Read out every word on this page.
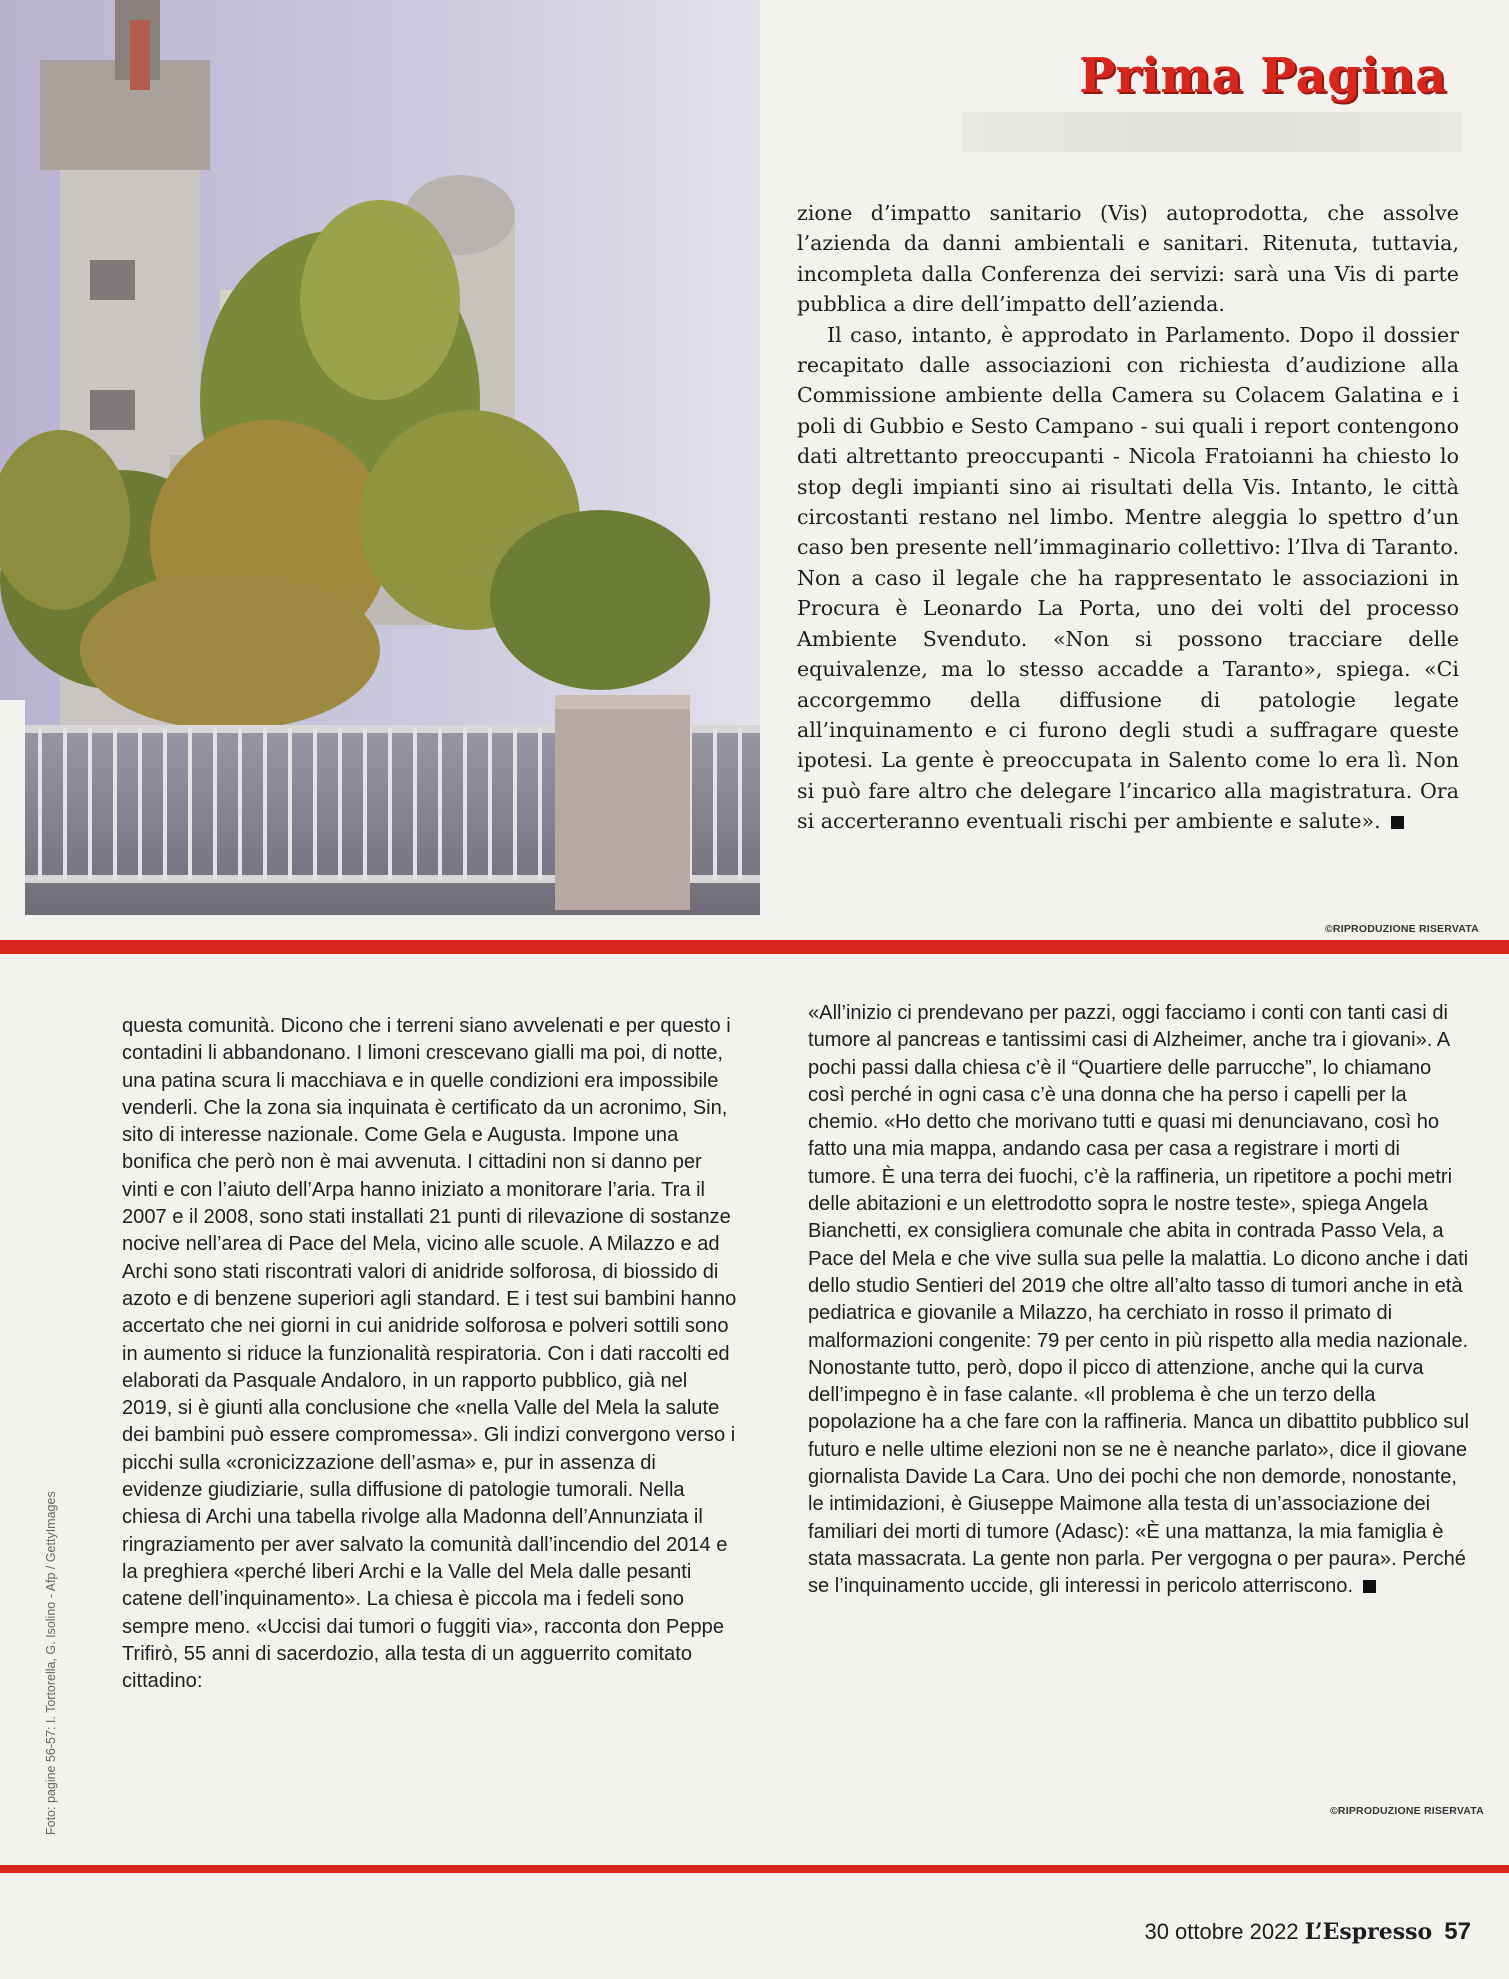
Prima Pagina

zione d’impatto sanitario (Vis) autoprodotta, che assolve l’azienda da danni ambientali e sanitari. Ritenuta, tuttavia, incompleta dalla Conferenza dei servizi: sarà una Vis di parte pubblica a dire dell’impatto dell’azienda.

Il caso, intanto, è approdato in Parlamento. Dopo il dossier recapitato dalle associazioni con richiesta d’audizione alla Commissione ambiente della Camera su Colacem Galatina e i poli di Gubbio e Sesto Campano - sui quali i report contengono dati altrettanto preoccupanti - Nicola Fratoianni ha chiesto lo stop degli impianti sino ai risultati della Vis. Intanto, le città circostanti restano nel limbo. Mentre aleggia lo spettro d’un caso ben presente nell’immaginario collettivo: l’Ilva di Taranto. Non a caso il legale che ha rappresentato le associazioni in Procura è Leonardo La Porta, uno dei volti del processo Ambiente Svenduto. «Non si possono tracciare delle equivalenze, ma lo stesso accadde a Taranto», spiega. «Ci accorgemmo della diffusione di patologie legate all’inquinamento e ci furono degli studi a suffragare queste ipotesi. La gente è preoccupata in Salento come lo era lì. Non si può fare altro che delegare l’incarico alla magistratura. Ora si accerteranno eventuali rischi per ambiente e salute».

©RIPRODUZIONE RISERVATA

questa comunità. Dicono che i terreni siano avvelenati e per questo i contadini li abbandonano. I limoni crescevano gialli ma poi, di notte, una patina scura li macchiava e in quelle condizioni era impossibile venderli. Che la zona sia inquinata è certificato da un acronimo, Sin, sito di interesse nazionale. Come Gela e Augusta. Impone una bonifica che però non è mai avvenuta. I cittadini non si danno per vinti e con l’aiuto dell’Arpa hanno iniziato a monitorare l’aria. Tra il 2007 e il 2008, sono stati installati 21 punti di rilevazione di sostanze nocive nell’area di Pace del Mela, vicino alle scuole. A Milazzo e ad Archi sono stati riscontrati valori di anidride solforosa, di biossido di azoto e di benzene superiori agli standard. E i test sui bambini hanno accertato che nei giorni in cui anidride solforosa e polveri sottili sono in aumento si riduce la funzionalità respiratoria. Con i dati raccolti ed elaborati da Pasquale Andaloro, in un rapporto pubblico, già nel 2019, si è giunti alla conclusione che «nella Valle del Mela la salute dei bambini può essere compromessa». Gli indizi convergono verso i picchi sulla «cronicizzazione dell’asma» e, pur in assenza di evidenze giudiziarie, sulla diffusione di patologie tumorali. Nella chiesa di Archi una tabella rivolge alla Madonna dell’Annunziata il ringraziamento per aver salvato la comunità dall’incendio del 2014 e la preghiera «perché liberi Archi e la Valle del Mela dalle pesanti catene dell’inquinamento». La chiesa è piccola ma i fedeli sono sempre meno. «Uccisi dai tumori o fuggiti via», racconta don Peppe Trifirò, 55 anni di sacerdozio, alla testa di un agguerrito comitato cittadino:

«All’inizio ci prendevano per pazzi, oggi facciamo i conti con tanti casi di tumore al pancreas e tantissimi casi di Alzheimer, anche tra i giovani». A pochi passi dalla chiesa c’è il “Quartiere delle parrucche”, lo chiamano così perché in ogni casa c’è una donna che ha perso i capelli per la chemio. «Ho detto che morivano tutti e quasi mi denunciavano, così ho fatto una mia mappa, andando casa per casa a registrare i morti di tumore. È una terra dei fuochi, c’è la raffineria, un ripetitore a pochi metri delle abitazioni e un elettrodotto sopra le nostre teste», spiega Angela Bianchetti, ex consigliera comunale che abita in contrada Passo Vela, a Pace del Mela e che vive sulla sua pelle la malattia. Lo dicono anche i dati dello studio Sentieri del 2019 che oltre all’alto tasso di tumori anche in età pediatrica e giovanile a Milazzo, ha cerchiato in rosso il primato di malformazioni congenite: 79 per cento in più rispetto alla media nazionale. Nonostante tutto, però, dopo il picco di attenzione, anche qui la curva dell’impegno è in fase calante. «Il problema è che un terzo della popolazione ha a che fare con la raffineria. Manca un dibattito pubblico sul futuro e nelle ultime elezioni non se ne è neanche parlato», dice il giovane giornalista Davide La Cara. Uno dei pochi che non demorde, nonostante, le intimidazioni, è Giuseppe Maimone alla testa di un’associazione dei familiari dei morti di tumore (Adasc): «È una mattanza, la mia famiglia è stata massacrata. La gente non parla. Per vergogna o per paura». Perché se l’inquinamento uccide, gli interessi in pericolo atterriscono.

©RIPRODUZIONE RISERVATA
Foto: pagine 56-57: I. Tortorella, G. Isolino - Afp / GettyImages
30 ottobre 2022 L’Espresso 57
